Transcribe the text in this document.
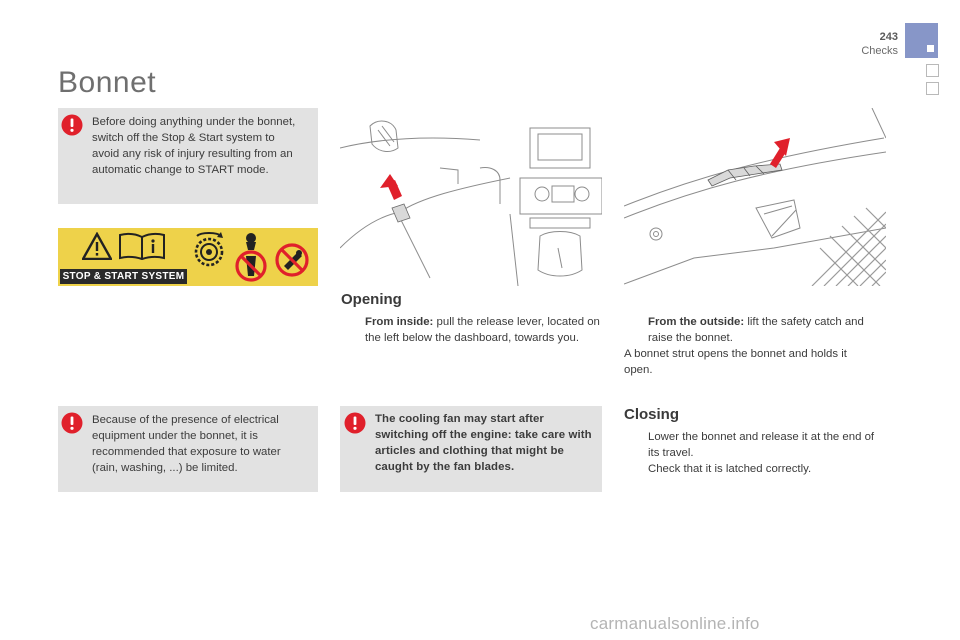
243
Checks
Bonnet
Before doing anything under the bonnet, switch off the Stop & Start system to avoid any risk of injury resulting from an automatic change to START mode.
STOP & START SYSTEM
Because of the presence of electrical equipment under the bonnet, it is recommended that exposure to water (rain, washing, ...) be limited.
Opening
From inside: pull the release lever, located on the left below the dashboard, towards you.
From the outside: lift the safety catch and raise the bonnet.
A bonnet strut opens the bonnet and holds it open.
The cooling fan may start after switching off the engine: take care with articles and clothing that might be caught by the fan blades.
Closing
Lower the bonnet and release it at the end of its travel.
Check that it is latched correctly.
carmanualsonline.info
